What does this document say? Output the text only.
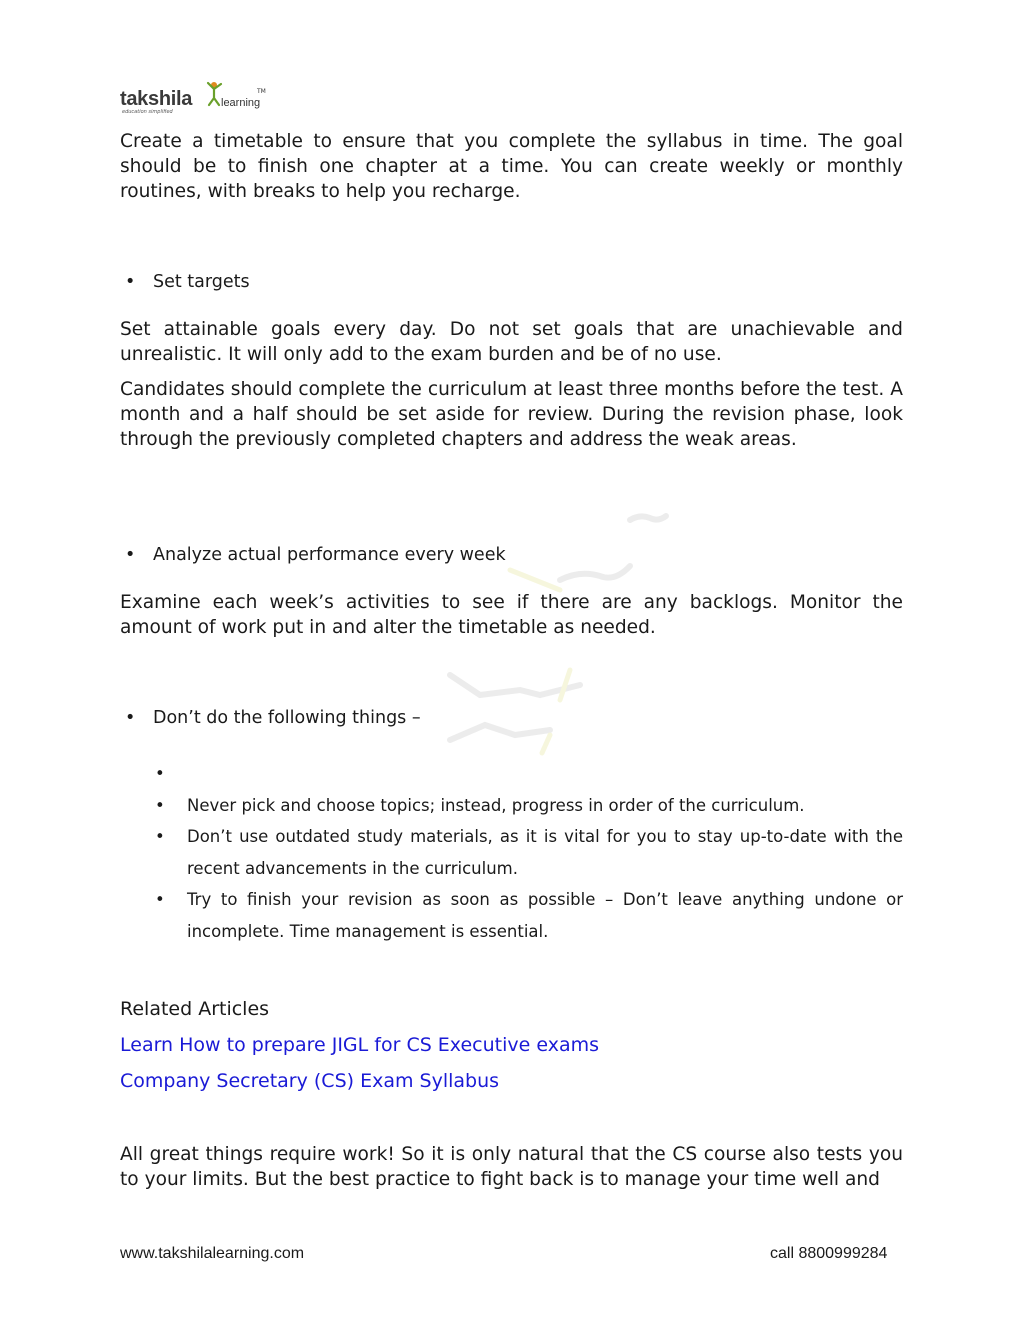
takshila	learning
TM
education simplified

Create a timetable to ensure that you complete the syllabus in time. The goal should be to finish one chapter at a time. You can create weekly or monthly routines, with breaks to help you recharge.

• Set targets

Set attainable goals every day. Do not set goals that are unachievable and unrealistic. It will only add to the exam burden and be of no use.

Candidates should complete the curriculum at least three months before the test. A month and a half should be set aside for review. During the revision phase, look through the previously completed chapters and address the weak areas.

• Analyze actual performance every week

Examine each week’s activities to see if there are any backlogs. Monitor the amount of work put in and alter the timetable as needed.

• Don’t do the following things –

•

• Never pick and choose topics; instead, progress in order of the curriculum.
• Don’t use outdated study materials, as it is vital for you to stay up-to-date with the recent advancements in the curriculum.
• Try to finish your revision as soon as possible – Don’t leave anything undone or incomplete. Time management is essential.

Related Articles

Learn How to prepare JIGL for CS Executive exams
Company Secretary (CS) Exam Syllabus

All great things require work! So it is only natural that the CS course also tests you to your limits. But the best practice to fight back is to manage your time well and

www.takshilalearning.com	call 8800999284
